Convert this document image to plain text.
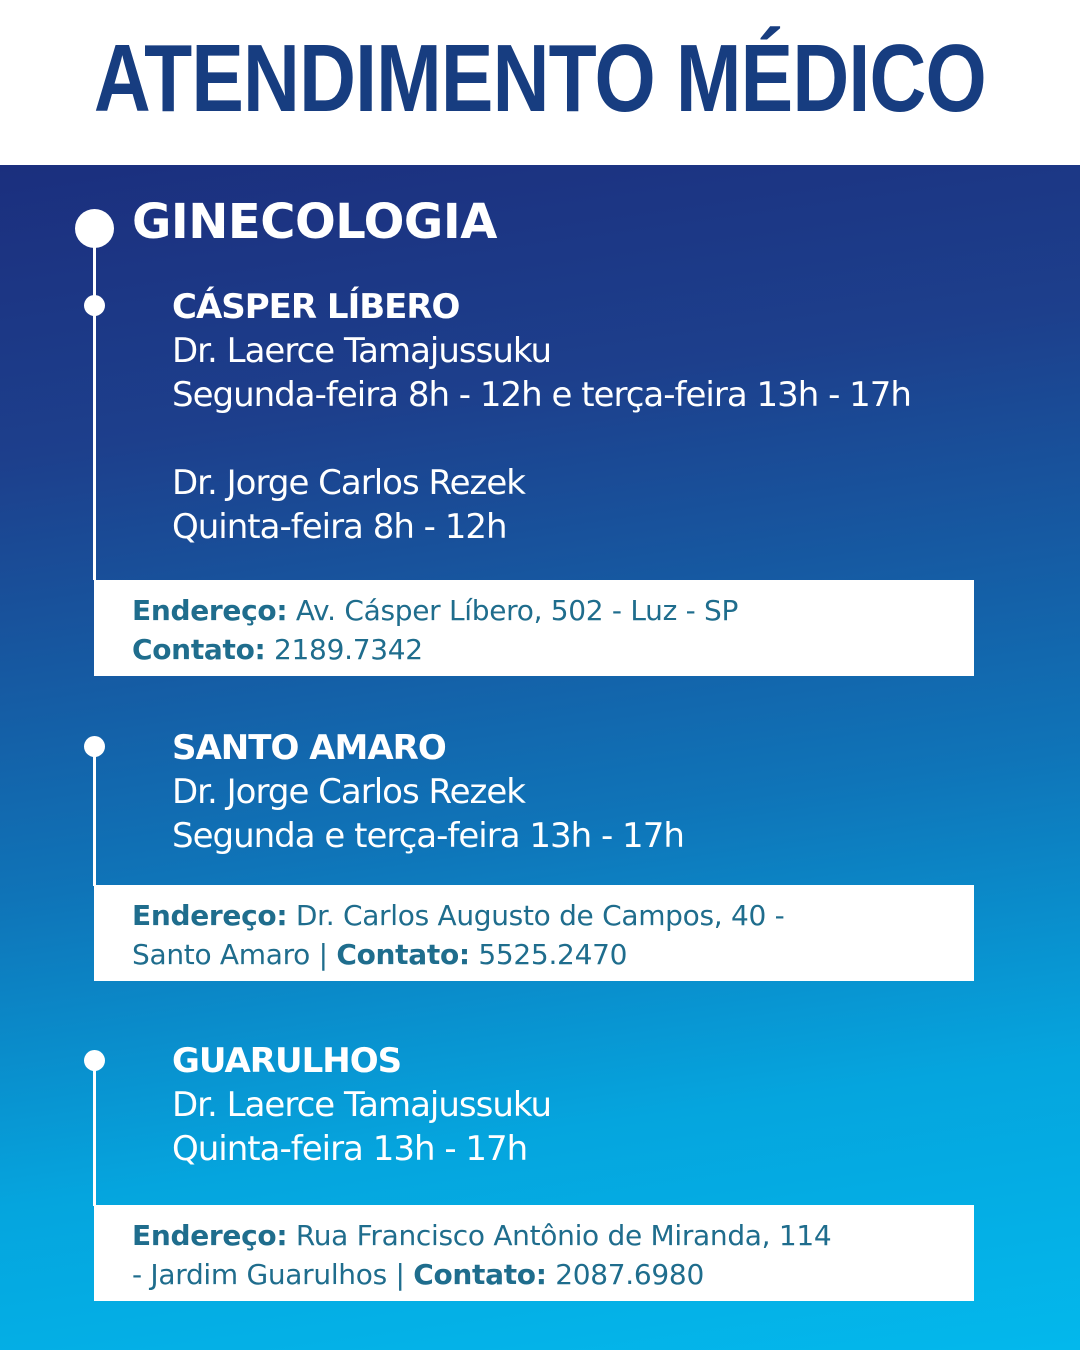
ATENDIMENTO MÉDICO
GINECOLOGIA
CÁSPER LÍBERO
Dr. Laerce Tamajussuku
Segunda-feira 8h - 12h e terça-feira 13h - 17h
Dr. Jorge Carlos Rezek
Quinta-feira 8h - 12h
Endereço: Av. Cásper Líbero, 502 - Luz - SP
Contato: 2189.7342
SANTO AMARO
Dr. Jorge Carlos Rezek
Segunda e terça-feira 13h - 17h
Endereço: Dr. Carlos Augusto de Campos, 40 -
Santo Amaro | Contato: 5525.2470
GUARULHOS
Dr. Laerce Tamajussuku
Quinta-feira 13h - 17h
Endereço: Rua Francisco Antônio de Miranda, 114
- Jardim Guarulhos | Contato: 2087.6980
